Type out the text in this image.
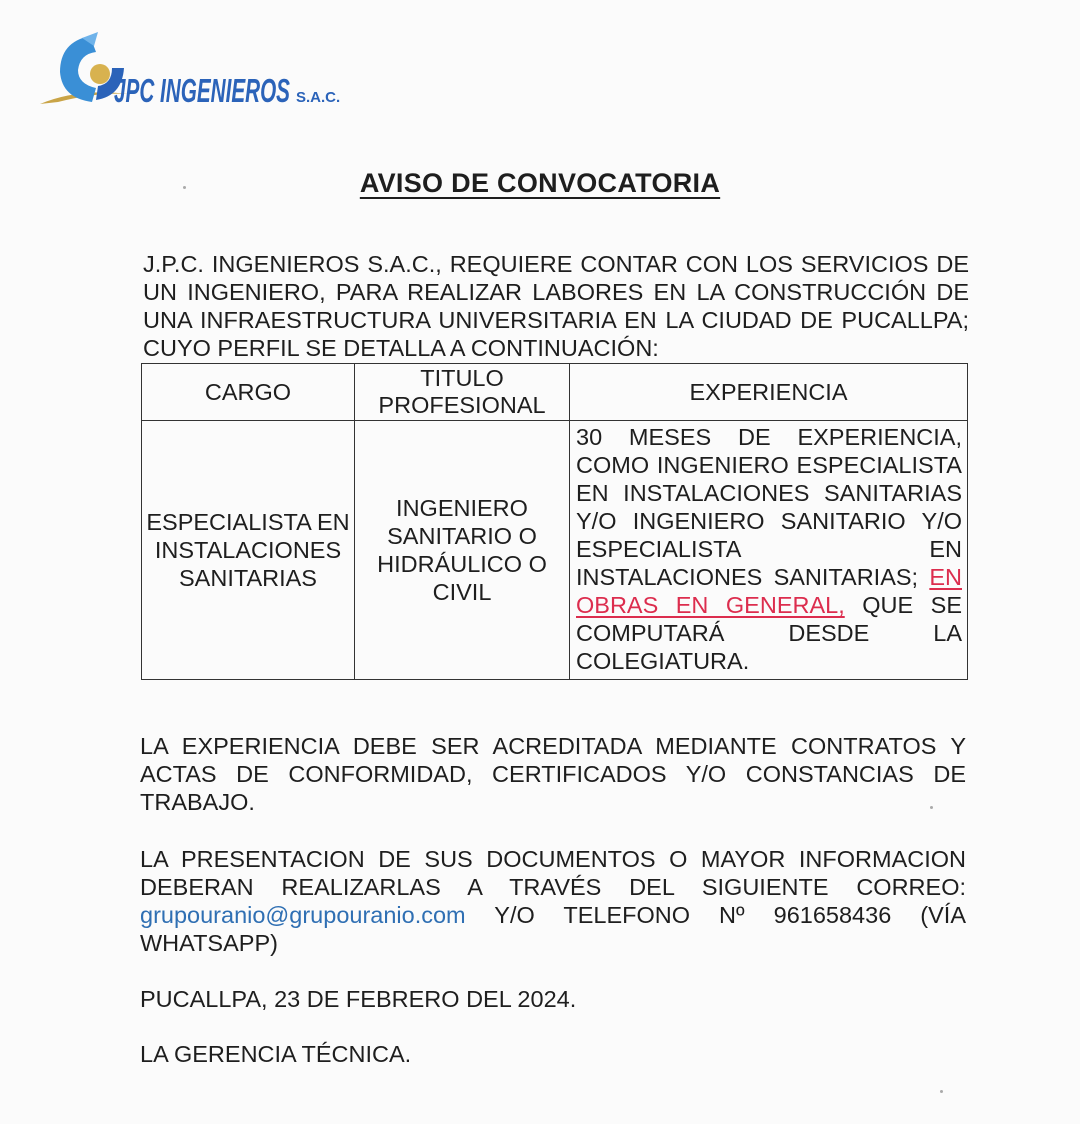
JPC INGENIEROS S.A.C.
AVISO DE CONVOCATORIA
J.P.C. INGENIEROS S.A.C., REQUIERE CONTAR CON LOS SERVICIOS DE UN INGENIERO, PARA REALIZAR LABORES EN LA CONSTRUCCIÓN DE UNA INFRAESTRUCTURA UNIVERSITARIA EN LA CIUDAD DE PUCALLPA; CUYO PERFIL SE DETALLA A CONTINUACIÓN:
CARGO	TITULO PROFESIONAL	EXPERIENCIA
ESPECIALISTA EN INSTALACIONES SANITARIAS	INGENIERO SANITARIO O HIDRÁULICO O CIVIL	30 MESES DE EXPERIENCIA, COMO INGENIERO ESPECIALISTA EN INSTALACIONES SANITARIAS Y/O INGENIERO SANITARIO Y/O ESPECIALISTA EN INSTALACIONES SANITARIAS; EN OBRAS EN GENERAL, QUE SE COMPUTARÁ DESDE LA COLEGIATURA.
LA EXPERIENCIA DEBE SER ACREDITADA MEDIANTE CONTRATOS Y ACTAS DE CONFORMIDAD, CERTIFICADOS Y/O CONSTANCIAS DE TRABAJO.
LA PRESENTACION DE SUS DOCUMENTOS O MAYOR INFORMACION DEBERAN REALIZARLAS A TRAVÉS DEL SIGUIENTE CORREO: grupouranio@grupouranio.com Y/O TELEFONO Nº 961658436 (VÍA WHATSAPP)
PUCALLPA, 23 DE FEBRERO DEL 2024.
LA GERENCIA TÉCNICA.
